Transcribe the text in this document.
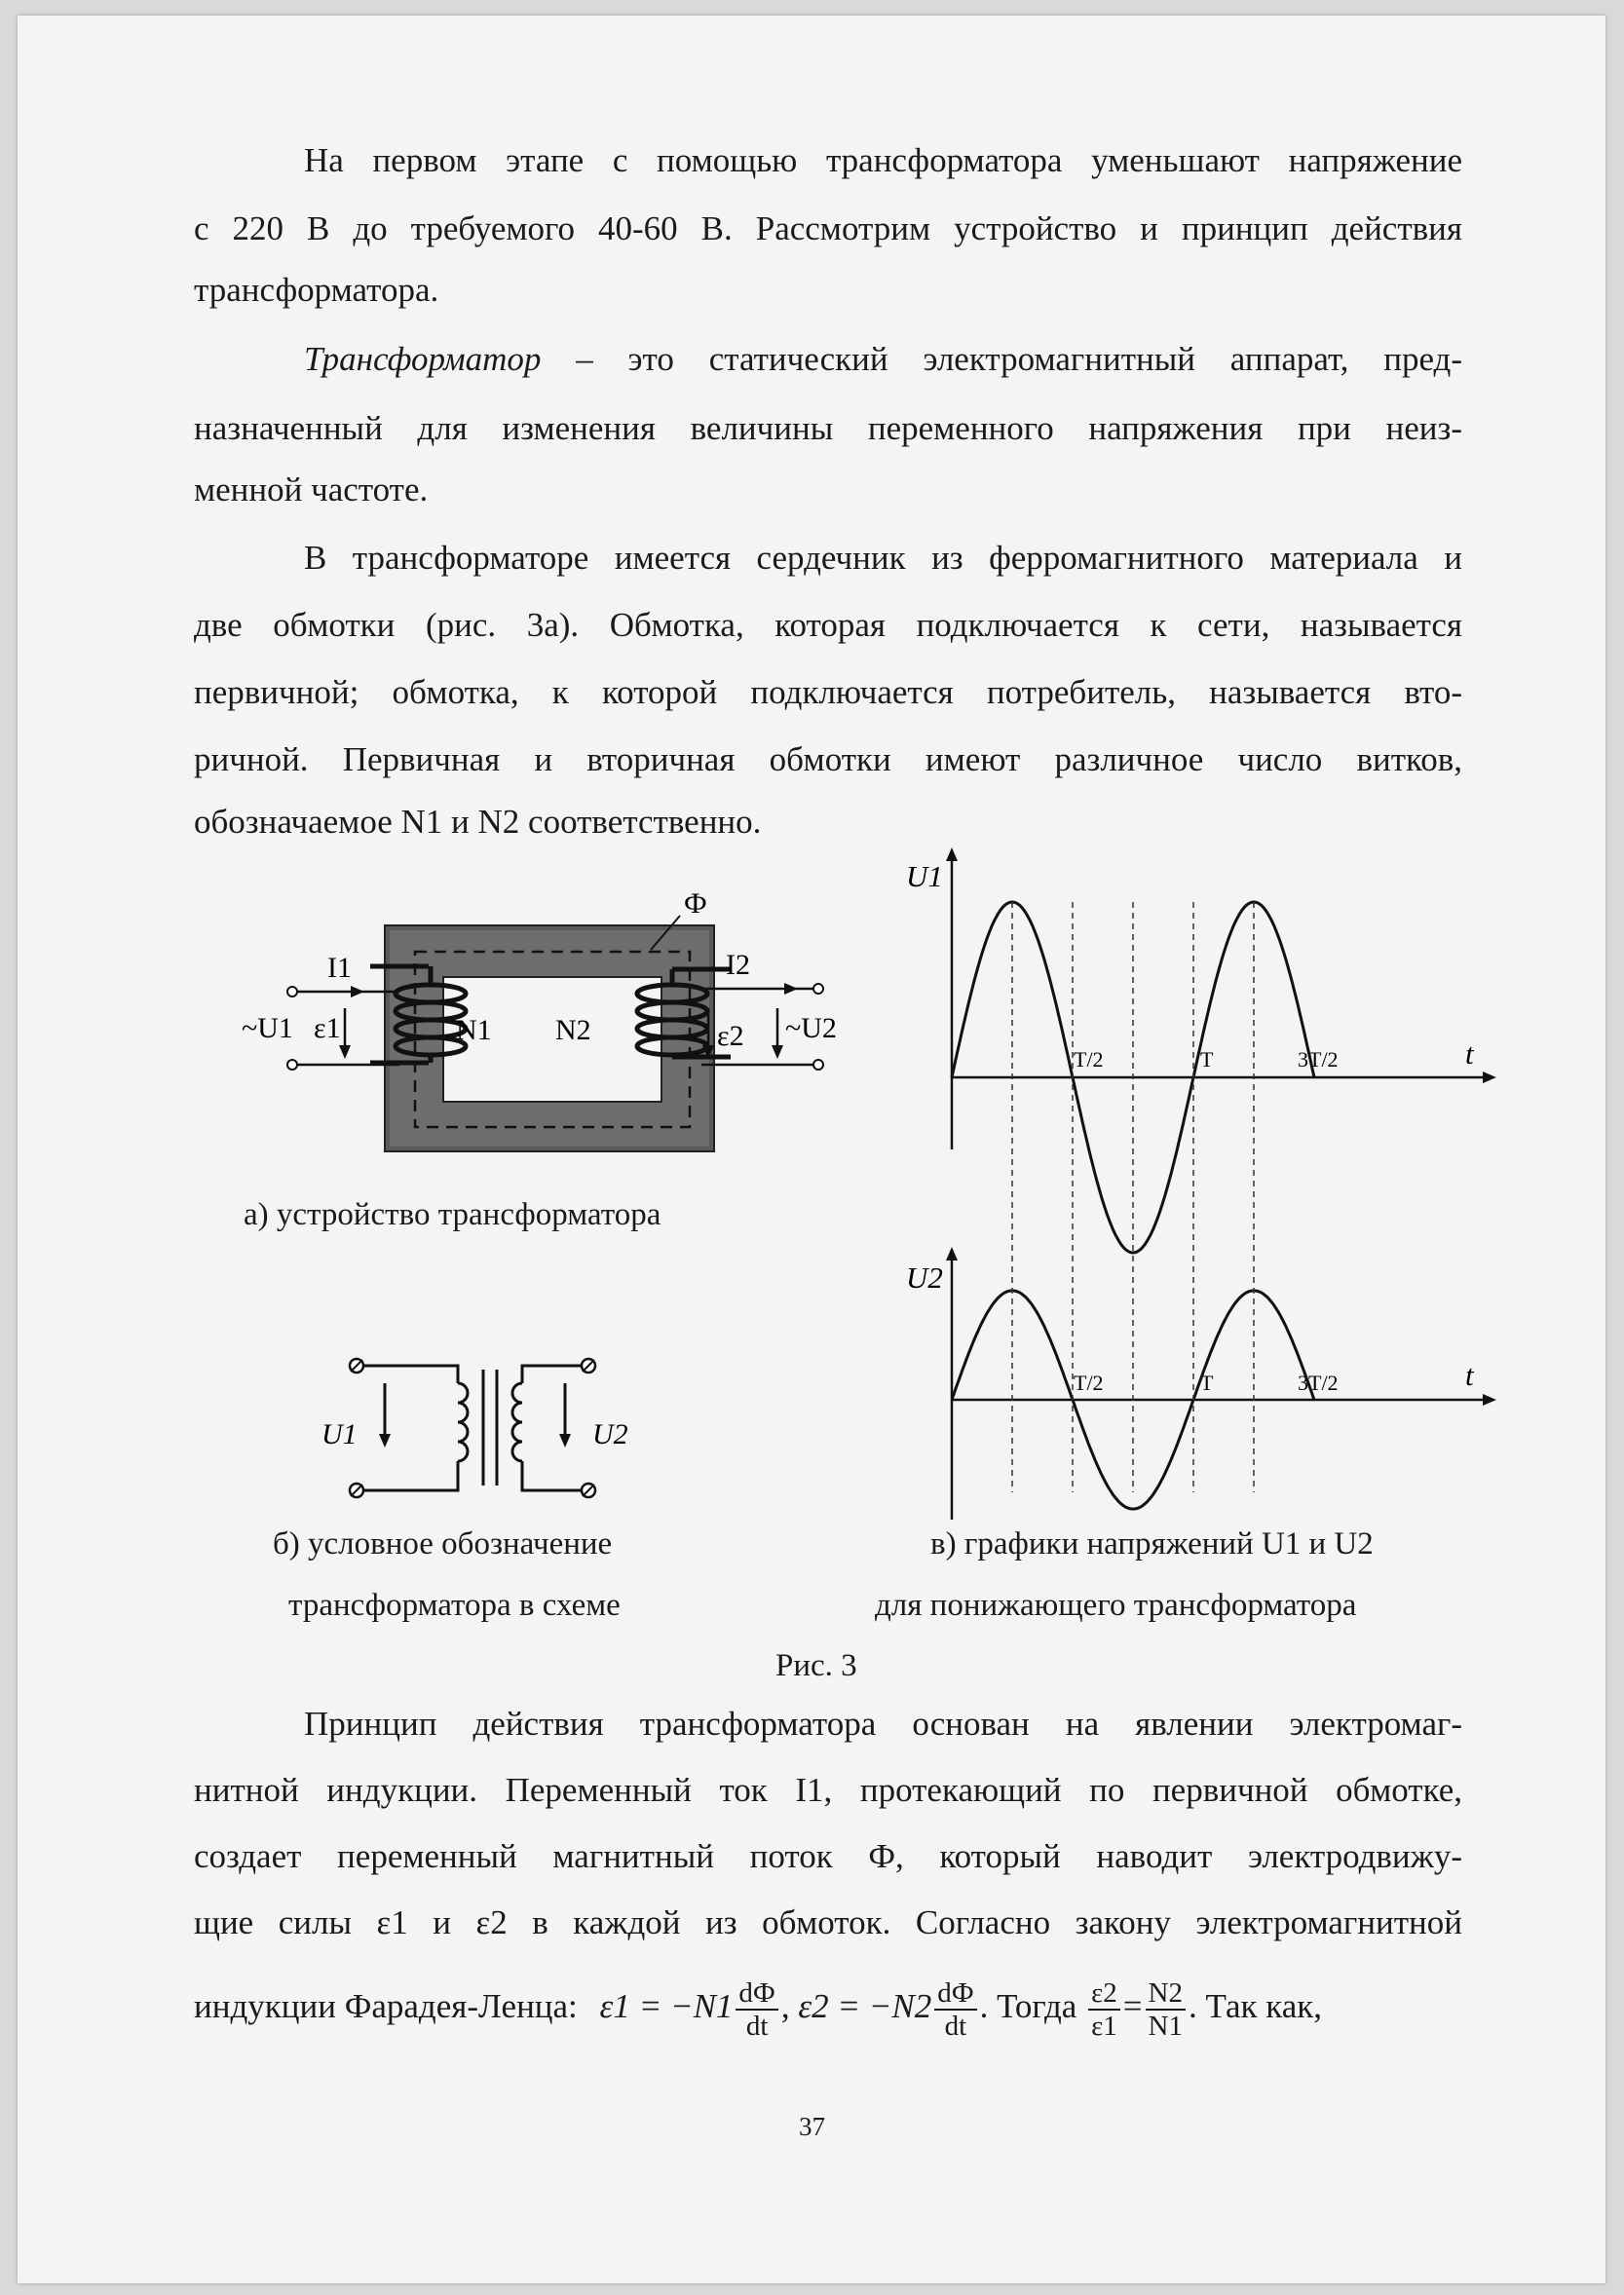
На первом этапе с помощью трансформатора уменьшают напряжение
с 220 В до требуемого 40-60 В. Рассмотрим устройство и принцип действия
трансформатора.
Трансформатор – это статический электромагнитный аппарат, пред-
назначенный для изменения величины переменного напряжения при неиз-
менной частоте.
В трансформаторе имеется сердечник из ферромагнитного материала и
две обмотки (рис. 3а). Обмотка, которая подключается к сети, называется
первичной; обмотка, к которой подключается потребитель, называется вто-
ричной. Первичная и вторичная обмотки имеют различное число витков,
обозначаемое N1 и N2 соответственно.
Ф
I1	I2
~U1	~U2
ε1	ε2
N1 N2
а) устройство трансформатора
U1	U2
б) условное обозначение
трансформатора в схеме
U1
t
T/2	T	3T/2
U2
t
T/2	T	3T/2
в) графики напряжений U1 и U2
для понижающего трансформатора
Рис. 3
Принцип действия трансформатора основан на явлении электромаг-
нитной индукции. Переменный ток I1, протекающий по первичной обмотке,
создает переменный магнитный поток Ф, который наводит электродвижу-
щие силы ε1 и ε2 в каждой из обмоток. Согласно закону электромагнитной
индукции Фарадея-Ленца: $\varepsilon 1 = -N1 \frac{dФ}{dt}$ , $\varepsilon 2 = -N2 \frac{dФ}{dt}$ . Тогда $\frac{\varepsilon 2}{\varepsilon 1} = \frac{N2}{N1}$ . Так как,
37
